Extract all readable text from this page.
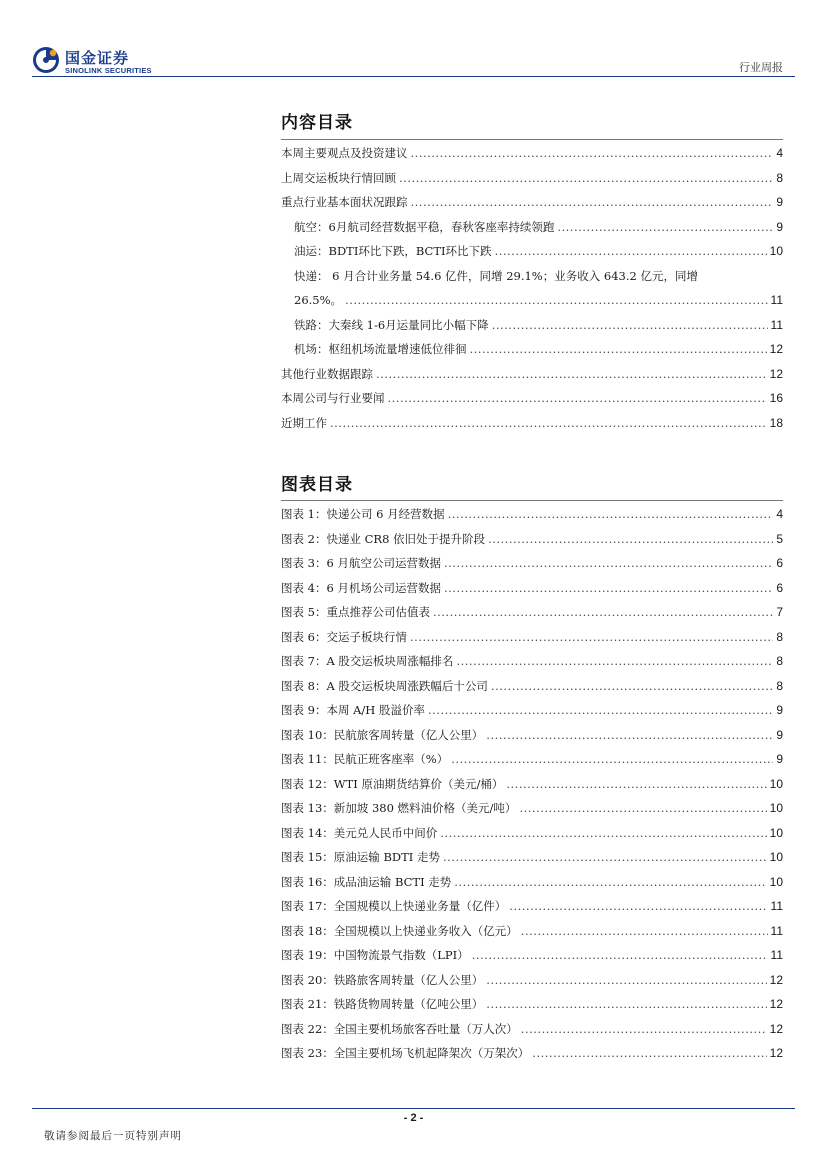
国金证券
SINOLINK SECURITIES	行业周报
内容目录
本周主要观点及投资建议 .....	4
上周交运板块行情回顾 .....	8
重点行业基本面状况跟踪 .....	9
航空：6月航司经营数据平稳，春秋客座率持续领跑 .....	9
油运：BDTI环比下跌，BCTI环比下跌 .....	10
快递： 6 月合计业务量 54.6 亿件，同增 29.1%；业务收入 643.2 亿元，同增
26.5%。 .....	11
铁路：大秦线 1-6月运量同比小幅下降 .....	11
机场：枢纽机场流量增速低位徘徊 .....	12
其他行业数据跟踪 .....	12
本周公司与行业要闻 .....	16
近期工作 .....	18
图表目录
图表 1：快递公司 6 月经营数据 .....	4
图表 2：快递业 CR8 依旧处于提升阶段 .....	5
图表 3：6 月航空公司运营数据 .....	6
图表 4：6 月机场公司运营数据 .....	6
图表 5：重点推荐公司估值表 .....	7
图表 6：交运子板块行情 .....	8
图表 7：A 股交运板块周涨幅排名 .....	8
图表 8：A 股交运板块周涨跌幅后十公司 .....	8
图表 9：本周 A/H 股溢价率 .....	9
图表 10：民航旅客周转量（亿人公里） .....	9
图表 11：民航正班客座率（%） .....	9
图表 12：WTI 原油期货结算价（美元/桶） .....	10
图表 13：新加坡 380 燃料油价格（美元/吨） .....	10
图表 14：美元兑人民币中间价 .....	10
图表 15：原油运输 BDTI 走势 .....	10
图表 16：成品油运输 BCTI 走势 .....	10
图表 17：全国规模以上快递业务量（亿件） .....	11
图表 18：全国规模以上快递业务收入（亿元） .....	11
图表 19：中国物流景气指数（LPI） .....	11
图表 20：铁路旅客周转量（亿人公里） .....	12
图表 21：铁路货物周转量（亿吨公里） .....	12
图表 22：全国主要机场旅客吞吐量（万人次） .....	12
图表 23：全国主要机场飞机起降架次（万架次） .....	12
- 2 -
敬请参阅最后一页特别声明
